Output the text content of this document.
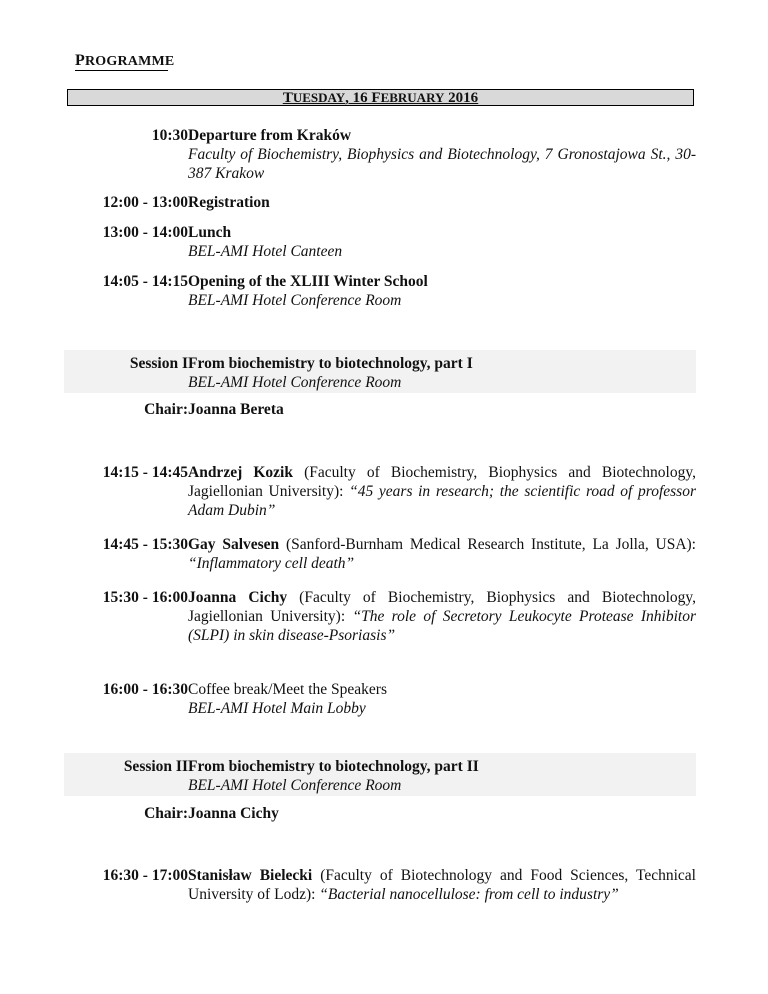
PROGRAMME
TUESDAY, 16 FEBRUARY 2016
10:30 Departure from Kraków
Faculty of Biochemistry, Biophysics and Biotechnology, 7 Gronostajowa St., 30-387 Krakow
12:00 - 13:00 Registration
13:00 - 14:00 Lunch
BEL-AMI Hotel Canteen
14:05 - 14:15 Opening of the XLIII Winter School
BEL-AMI Hotel Conference Room
Session I From biochemistry to biotechnology, part I
BEL-AMI Hotel Conference Room
Chair: Joanna Bereta
14:15 - 14:45 Andrzej Kozik (Faculty of Biochemistry, Biophysics and Biotechnology, Jagiellonian University): “45 years in research; the scientific road of professor Adam Dubin”
14:45 - 15:30 Gay Salvesen (Sanford-Burnham Medical Research Institute, La Jolla, USA): “Inflammatory cell death”
15:30 - 16:00 Joanna Cichy (Faculty of Biochemistry, Biophysics and Biotechnology, Jagiellonian University): “The role of Secretory Leukocyte Protease Inhibitor (SLPI) in skin disease-Psoriasis”
16:00 - 16:30 Coffee break/Meet the Speakers
BEL-AMI Hotel Main Lobby
Session II From biochemistry to biotechnology, part II
BEL-AMI Hotel Conference Room
Chair: Joanna Cichy
16:30 - 17:00 Stanisław Bielecki (Faculty of Biotechnology and Food Sciences, Technical University of Lodz): “Bacterial nanocellulose: from cell to industry”
